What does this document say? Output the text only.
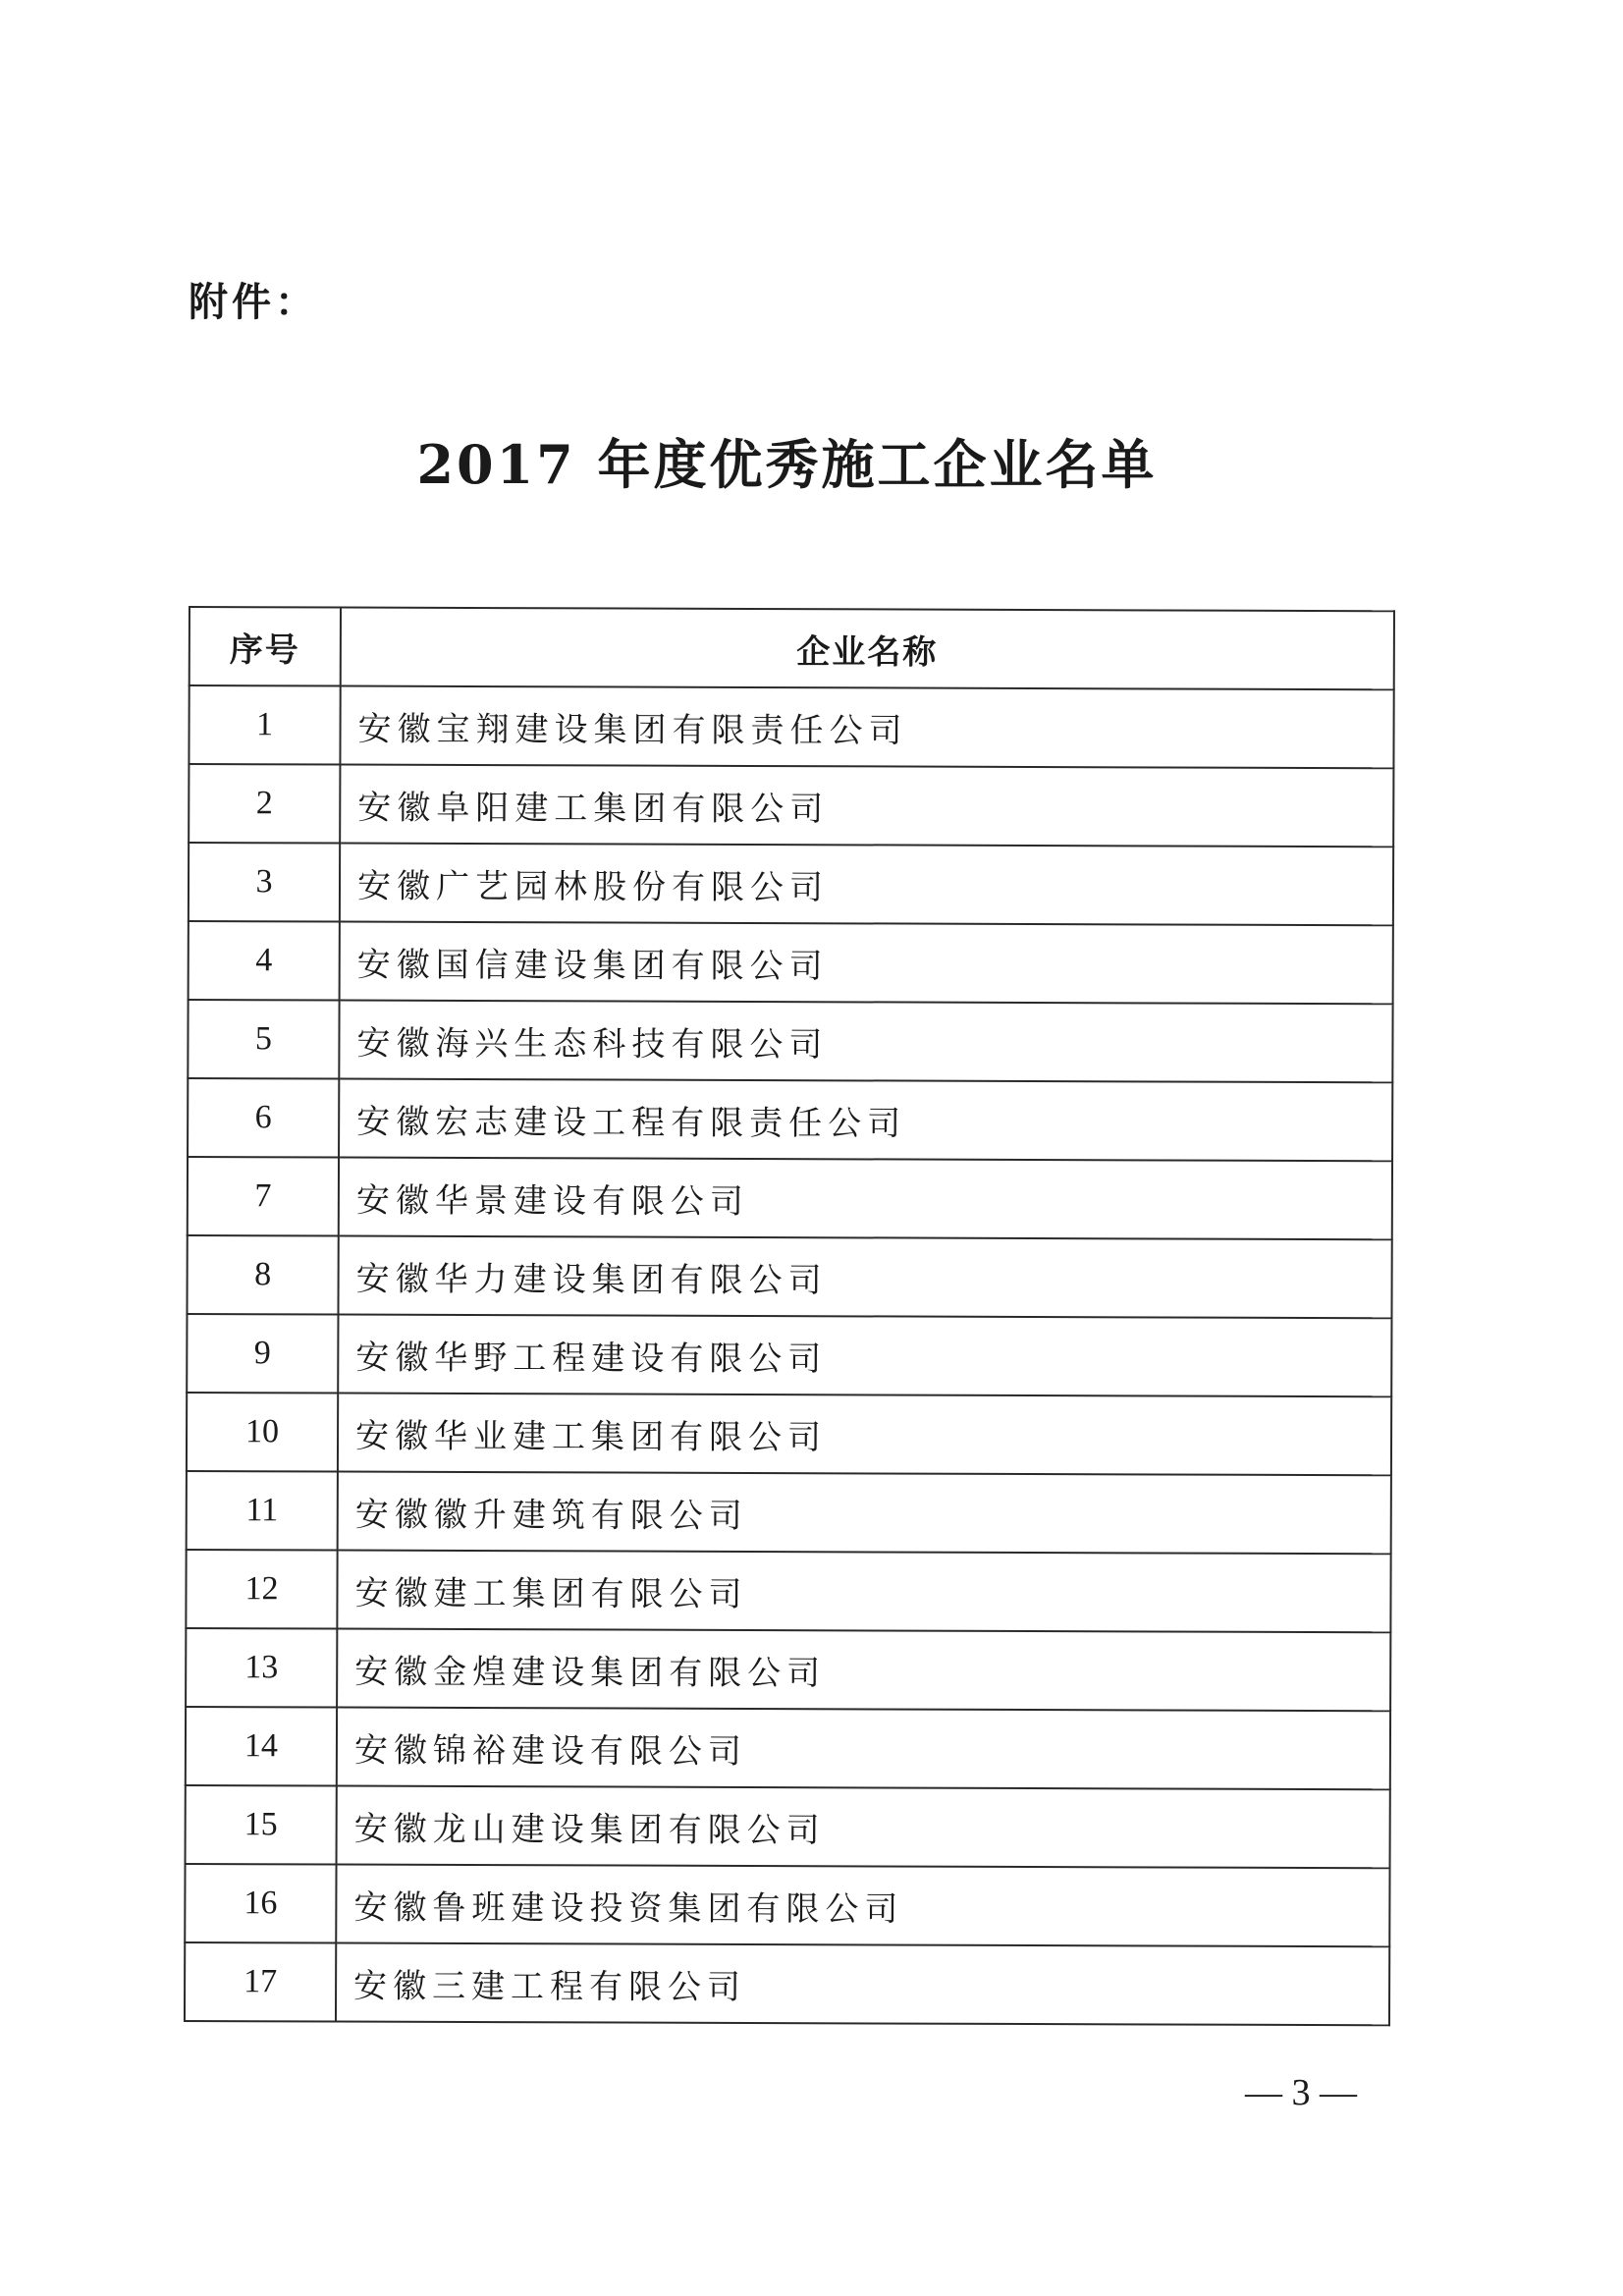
附件：
2017 年度优秀施工企业名单
序号	企业名称
1	安徽宝翔建设集团有限责任公司
2	安徽阜阳建工集团有限公司
3	安徽广艺园林股份有限公司
4	安徽国信建设集团有限公司
5	安徽海兴生态科技有限公司
6	安徽宏志建设工程有限责任公司
7	安徽华景建设有限公司
8	安徽华力建设集团有限公司
9	安徽华野工程建设有限公司
10	安徽华业建工集团有限公司
11	安徽徽升建筑有限公司
12	安徽建工集团有限公司
13	安徽金煌建设集团有限公司
14	安徽锦裕建设有限公司
15	安徽龙山建设集团有限公司
16	安徽鲁班建设投资集团有限公司
17	安徽三建工程有限公司
— 3 —
